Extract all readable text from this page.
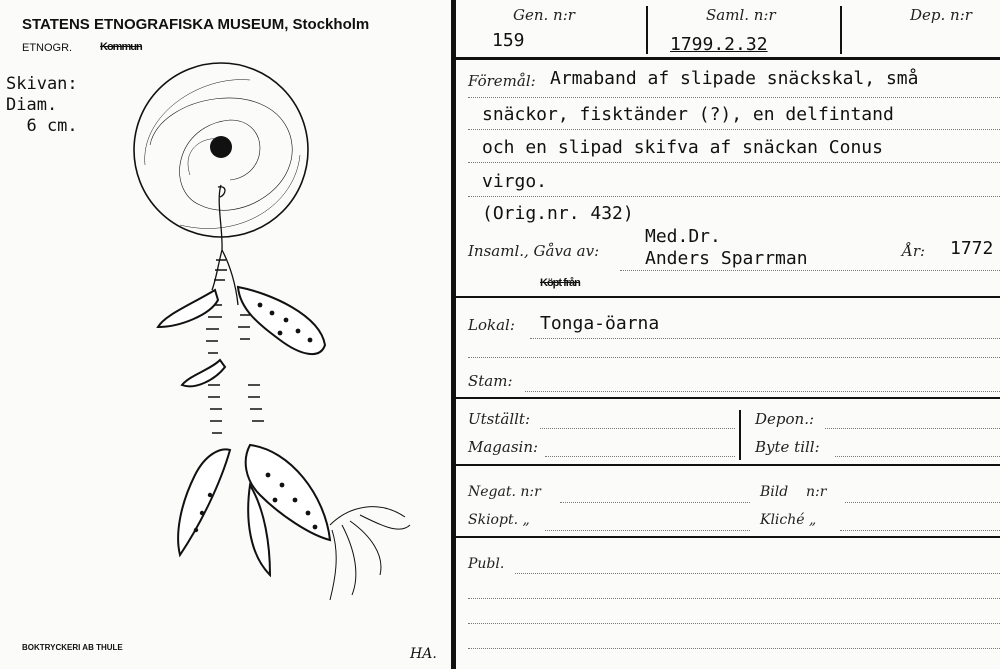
STATENS ETNOGRAFISKA MUSEUM, Stockholm
ETNOGR.	Kommun
Skivan:
Diam.
6 cm.
BOKTRYCKERI AB THULE	HA.
Gen. n:r
159
Saml. n:r
1799.2.32
Dep. n:r
Föremål: Armaband af slipade snäckskal, små
snäckor, fisktänder (?), en delfintand
och en slipad skifva af snäckan Conus
virgo.
(Orig.nr. 432)
Insaml., Gåva av:
Med.Dr.
Anders Sparrman	År: 1772
Köpt från
Lokal: Tonga-öarna
Stam:
Utställt:
Magasin:
Depon.:
Byte till:
Negat. n:r
Skiopt. „
Bild    n:r
Kliché „
Publ.
